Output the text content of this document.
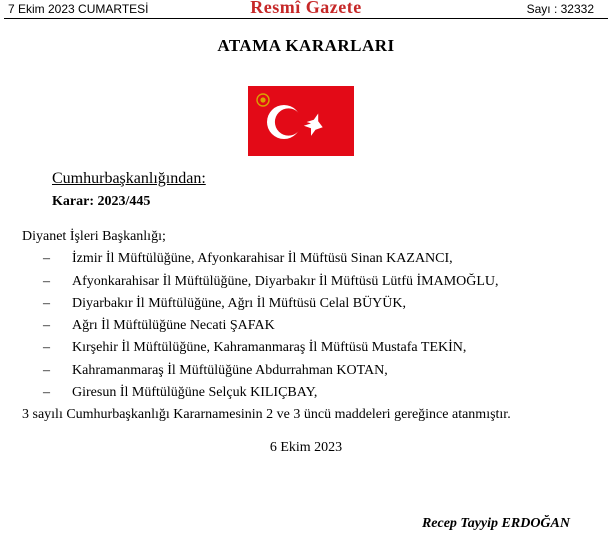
7 Ekim 2023 CUMARTESİ	Resmî Gazete	Sayı : 32332
ATAMA KARARLARI
Cumhurbaşkanlığından:
Karar: 2023/445
Diyanet İşleri Başkanlığı;
– İzmir İl Müftülüğüne, Afyonkarahisar İl Müftüsü Sinan KAZANCI,
– Afyonkarahisar İl Müftülüğüne, Diyarbakır İl Müftüsü Lütfü İMAMOĞLU,
– Diyarbakır İl Müftülüğüne, Ağrı İl Müftüsü Celal BÜYÜK,
– Ağrı İl Müftülüğüne Necati ŞAFAK
– Kırşehir İl Müftülüğüne, Kahramanmaraş İl Müftüsü Mustafa TEKİN,
– Kahramanmaraş İl Müftülüğüne Abdurrahman KOTAN,
– Giresun İl Müftülüğüne Selçuk KILIÇBAY,
3 sayılı Cumhurbaşkanlığı Kararnamesinin 2 ve 3 üncü maddeleri gereğince atanmıştır.
6 Ekim 2023
Recep Tayyip ERDOĞAN
